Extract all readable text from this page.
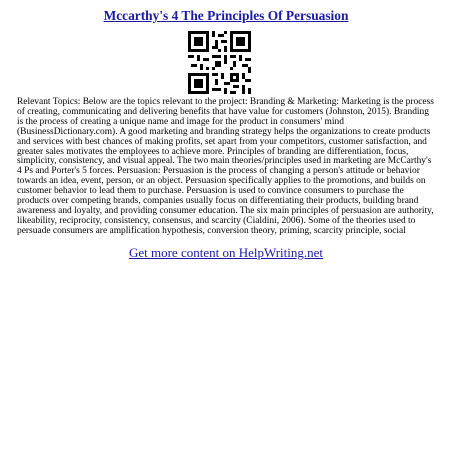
Mccarthy's 4 The Principles Of Persuasion

Relevant Topics: Below are the topics relevant to the project: Branding & Marketing: Marketing is the process of creating, communicating and delivering benefits that have value for customers (Johnston, 2015). Branding is the process of creating a unique name and image for the product in consumers' mind (BusinessDictionary.com). A good marketing and branding strategy helps the organizations to create products and services with best chances of making profits, set apart from your competitors, customer satisfaction, and greater sales motivates the employees to achieve more. Principles of branding are differentiation, focus, simplicity, consistency, and visual appeal. The two main theories/principles used in marketing are McCarthy's 4 Ps and Porter's 5 forces. Persuasion: Persuasion is the process of changing a person's attitude or behavior towards an idea, event, person, or an object. Persuasion specifically applies to the promotions, and builds on customer behavior to lead them to purchase. Persuasion is used to convince consumers to purchase the products over competing brands, companies usually focus on differentiating their products, building brand awareness and loyalty, and providing consumer education. The six main principles of persuasion are authority, likeability, reciprocity, consistency, consensus, and scarcity (Cialdini, 2006). Some of the theories used to persuade consumers are amplification hypothesis, conversion theory, priming, scarcity principle, social

Get more content on HelpWriting.net
